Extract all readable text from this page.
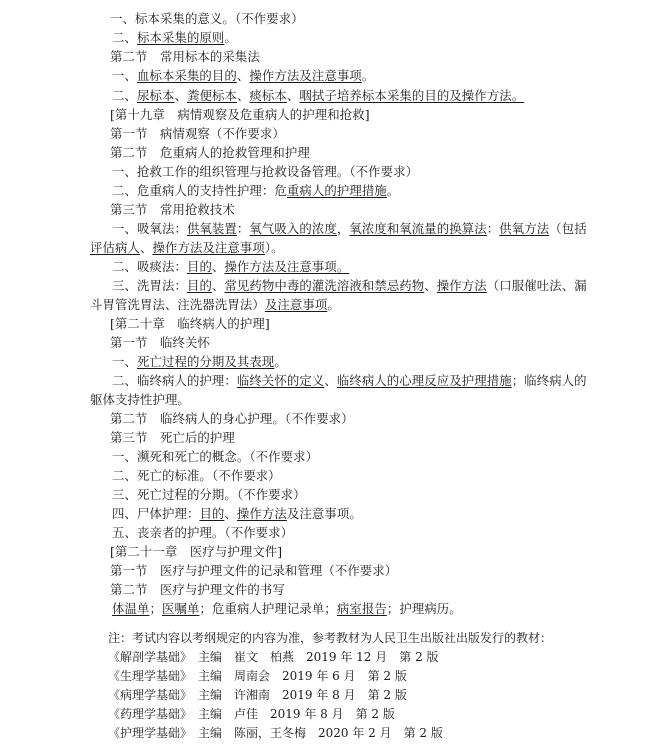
一、标本采集的意义。（不作要求）
二、标本采集的原则。
第二节　常用标本的采集法
一、血标本采集的目的、操作方法及注意事项。
二、尿标本、粪便标本、痰标本、咽拭子培养标本采集的目的及操作方法。
[第十九章　病情观察及危重病人的护理和抢救]
第一节　病情观察（不作要求）
第二节　危重病人的抢救管理和护理
一、抢救工作的组织管理与抢救设备管理。（不作要求）
二、危重病人的支持性护理：危重病人的护理措施。
第三节　常用抢救技术
一、吸氧法：供氧装置：氧气吸入的浓度，氧浓度和氧流量的换算法：供氧方法（包括
评估病人、操作方法及注意事项）。
二、吸痰法：目的、操作方法及注意事项。
三、洗胃法：目的、常见药物中毒的灌洗溶液和禁忌药物、操作方法（口服催吐法、漏
斗胃管洗胃法、注洗器洗胃法）及注意事项。
[第二十章　临终病人的护理]
第一节　临终关怀
一、死亡过程的分期及其表现。
二、临终病人的护理：临终关怀的定义、临终病人的心理反应及护理措施；临终病人的
躯体支持性护理。
第二节　临终病人的身心护理。（不作要求）
第三节　死亡后的护理
一、濒死和死亡的概念。（不作要求）
二、死亡的标准。（不作要求）
三、死亡过程的分期。（不作要求）
四、尸体护理：目的、操作方法及注意事项。
五、丧亲者的护理。（不作要求）
[第二十一章　医疗与护理文件]
第一节　医疗与护理文件的记录和管理（不作要求）
第二节　医疗与护理文件的书写
体温单；医嘱单；危重病人护理记录单；病室报告；护理病历。
注：考试内容以考纲规定的内容为准，参考教材为人民卫生出版社出版发行的教材：
《解剖学基础》　主编　崔文　柏燕　2019 年 12 月　第 2 版
《生理学基础》　主编　周南会　2019 年 6 月　第 2 版
《病理学基础》　主编　许湘南　2019 年 8 月　第 2 版
《药理学基础》　主编　卢佳　2019 年 8 月　第 2 版
《护理学基础》　主编　陈丽，王冬梅　2020 年 2 月　第 2 版
